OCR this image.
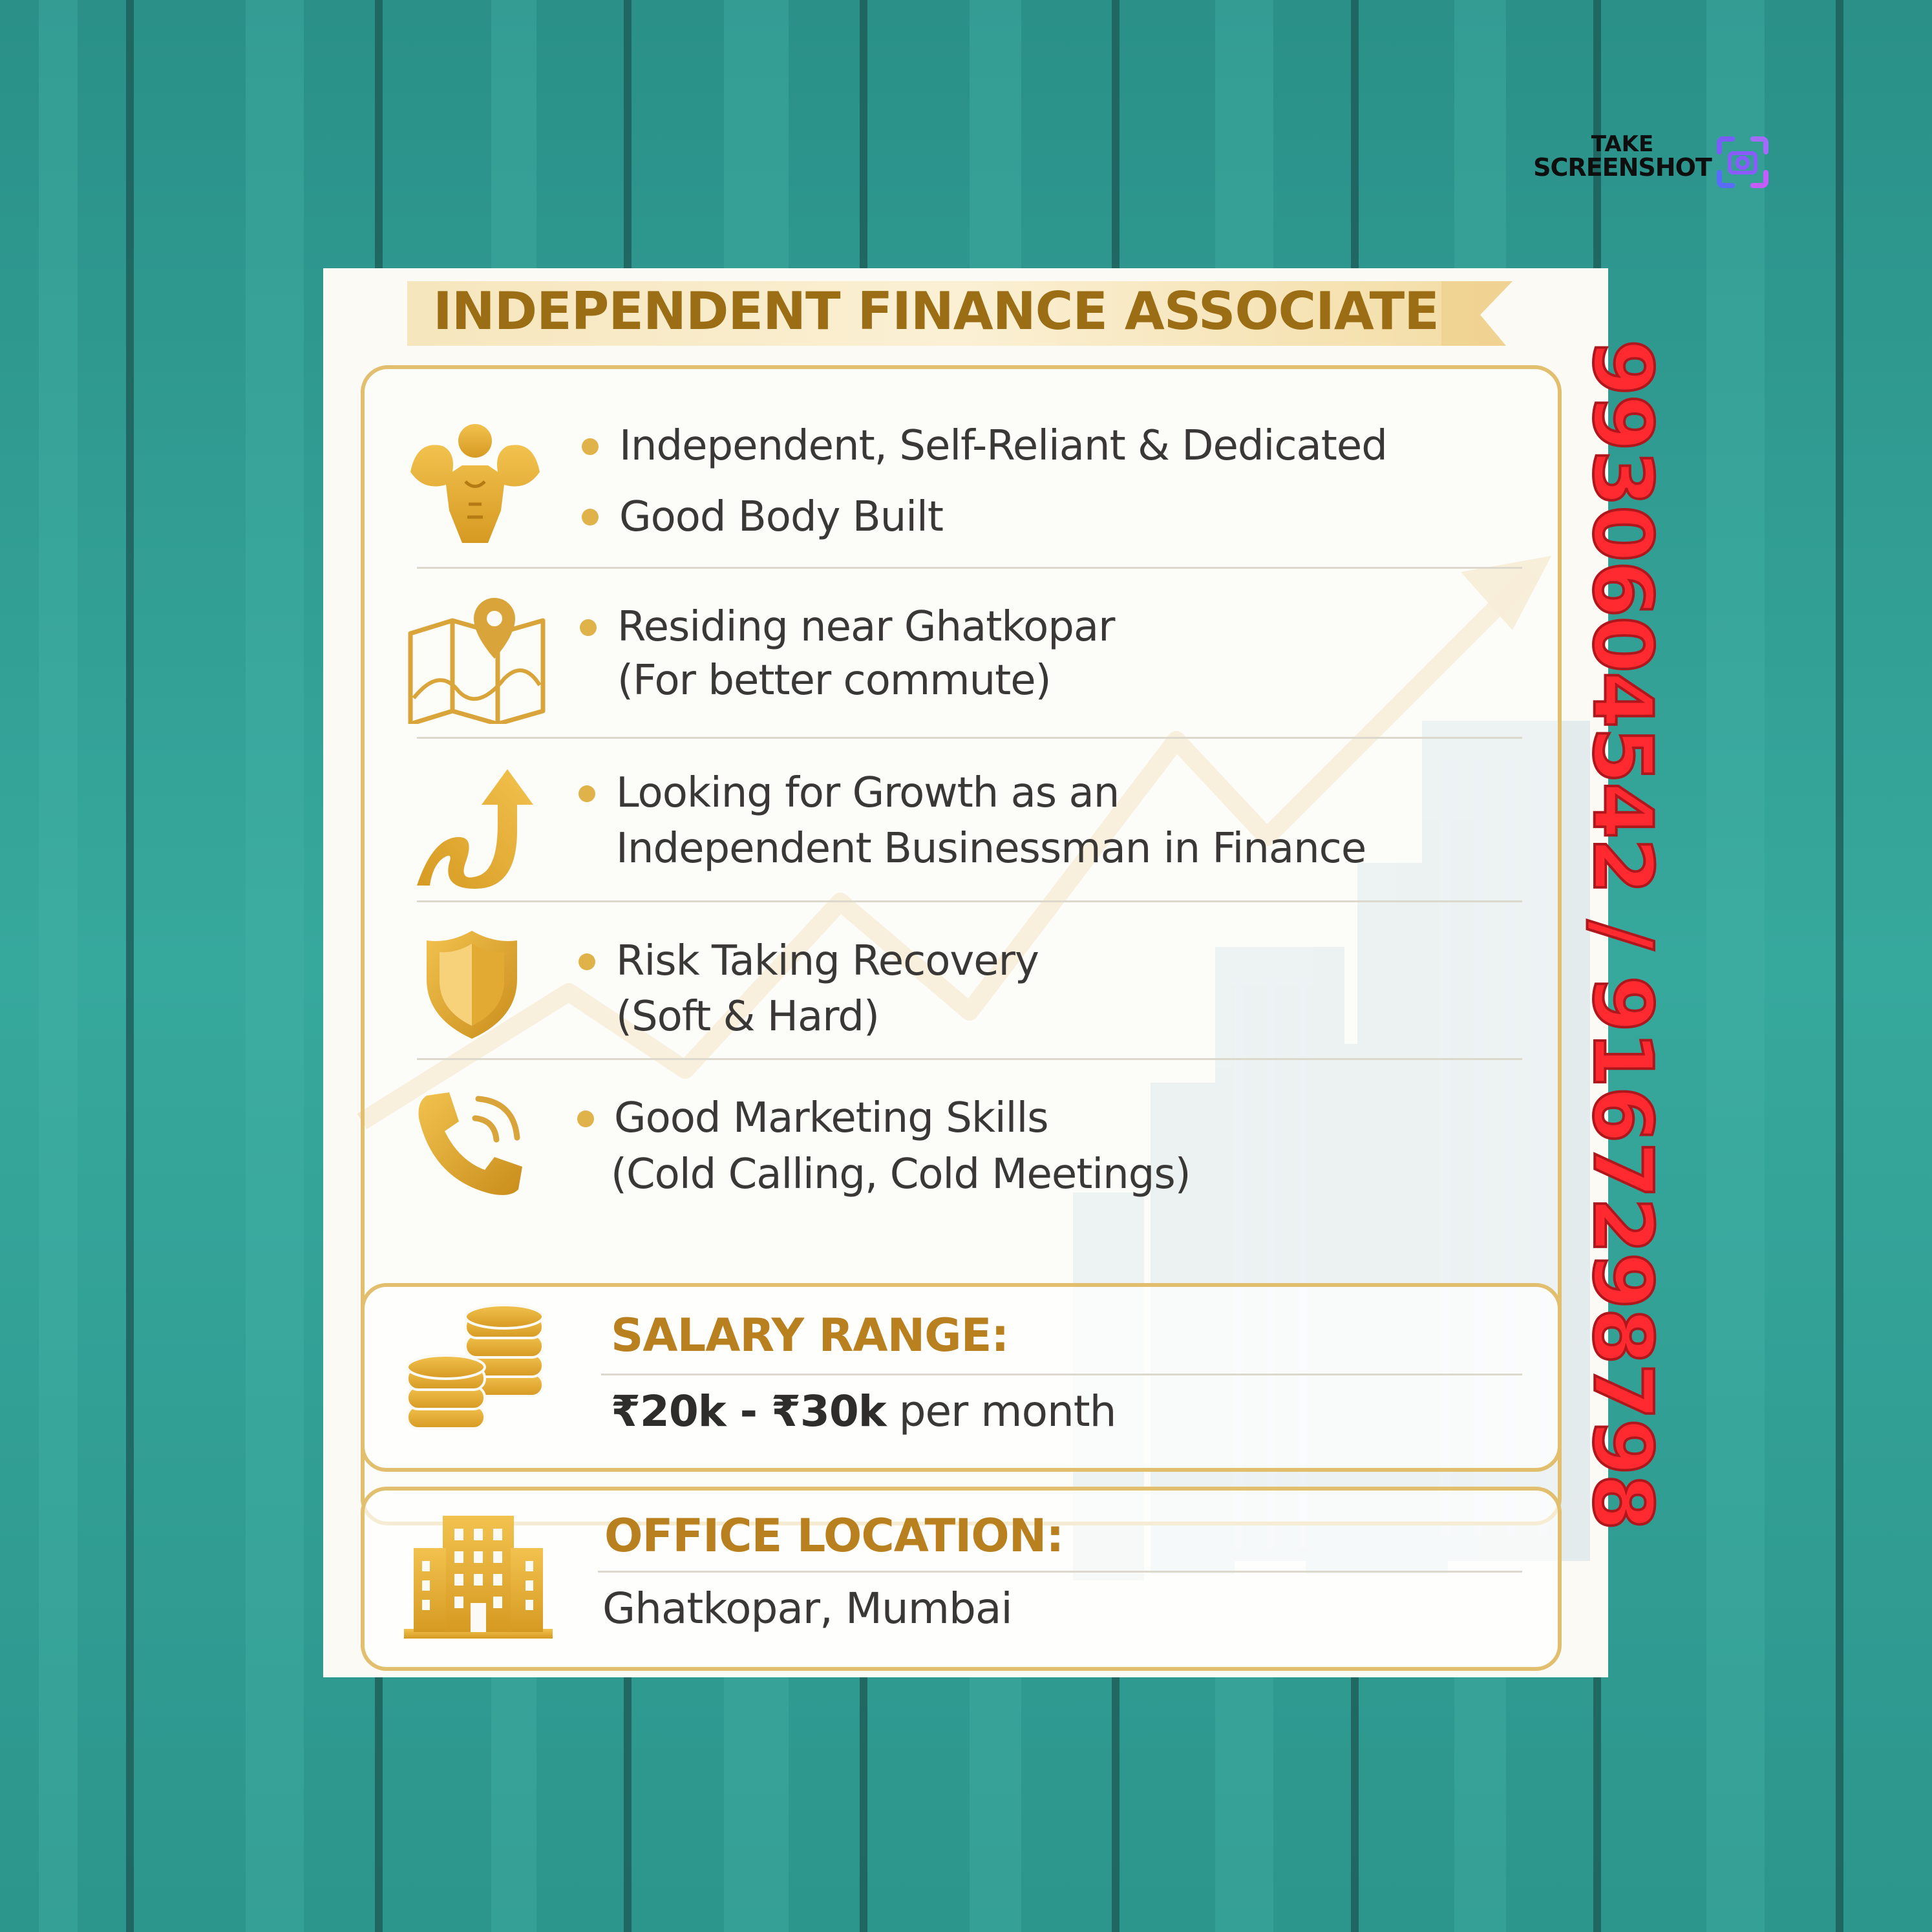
TAKE
SCREENSHOT
INDEPENDENT FINANCE ASSOCIATE
Independent, Self-Reliant & Dedicated
Good Body Built
Residing near Ghatkopar
(For better commute)
Looking for Growth as an
Independent Businessman in Finance
Risk Taking Recovery
(Soft & Hard)
Good Marketing Skills
(Cold Calling, Cold Meetings)
SALARY RANGE:
₹20k - ₹30k per month
OFFICE LOCATION:
Ghatkopar, Mumbai
9930604542 / 9167298798
